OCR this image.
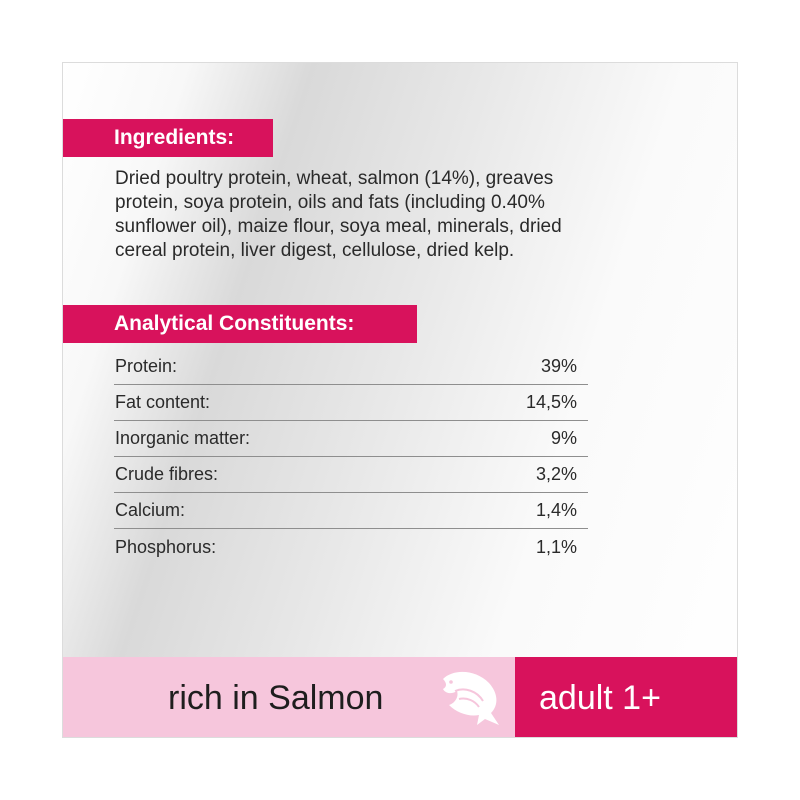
Ingredients:

Dried poultry protein, wheat, salmon (14%), greaves
protein, soya protein, oils and fats (including 0.40%
sunflower oil), maize flour, soya meal, minerals, dried
cereal protein, liver digest, cellulose, dried kelp.

Analytical Constituents:
Protein:	39%
Fat content:	14,5%
Inorganic matter:	9%
Crude fibres:	3,2%
Calcium:	1,4%
Phosphorus:	1,1%
rich in Salmon	adult 1+
